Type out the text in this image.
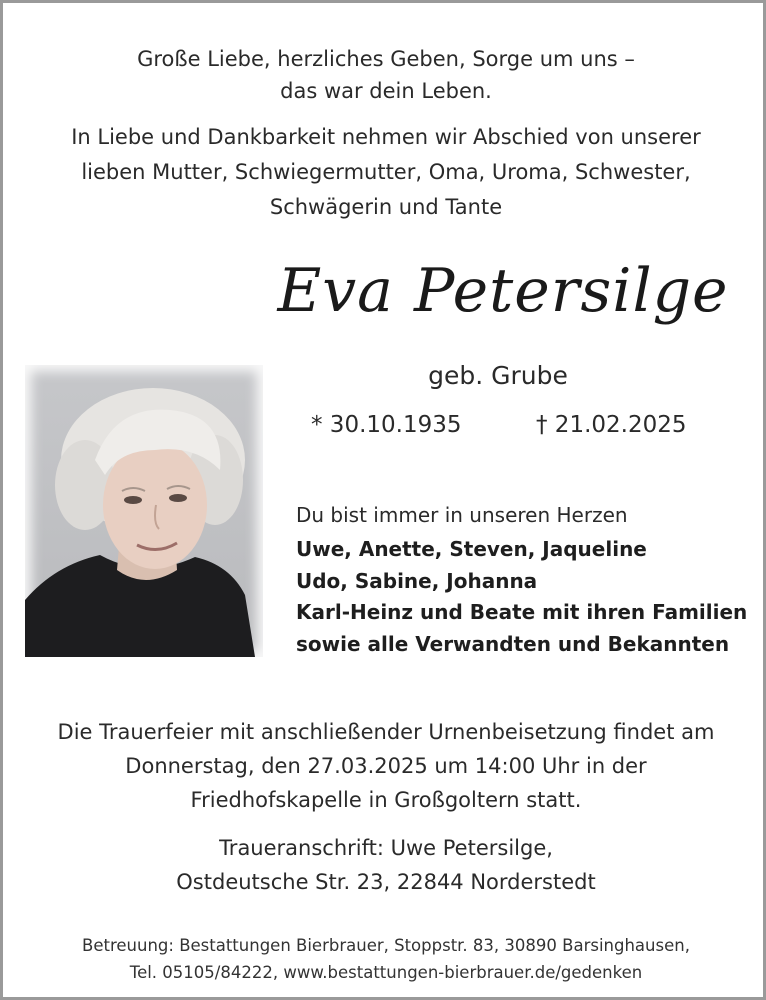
Große Liebe, herzliches Geben, Sorge um uns –
das war dein Leben.
In Liebe und Dankbarkeit nehmen wir Abschied von unserer
lieben Mutter, Schwiegermutter, Oma, Uroma, Schwester,
Schwägerin und Tante
Eva Petersilge
geb. Grube
* 30.10.1935	† 21.02.2025
Du bist immer in unseren Herzen
Uwe, Anette, Steven, Jaqueline
Udo, Sabine, Johanna
Karl-Heinz und Beate mit ihren Familien
sowie alle Verwandten und Bekannten
Die Trauerfeier mit anschließender Urnenbeisetzung findet am
Donnerstag, den 27.03.2025 um 14:00 Uhr in der
Friedhofskapelle in Großgoltern statt.
Traueranschrift: Uwe Petersilge,
Ostdeutsche Str. 23, 22844 Norderstedt
Betreuung: Bestattungen Bierbrauer, Stoppstr. 83, 30890 Barsinghausen,
Tel. 05105/84222, www.bestattungen-bierbrauer.de/gedenken
